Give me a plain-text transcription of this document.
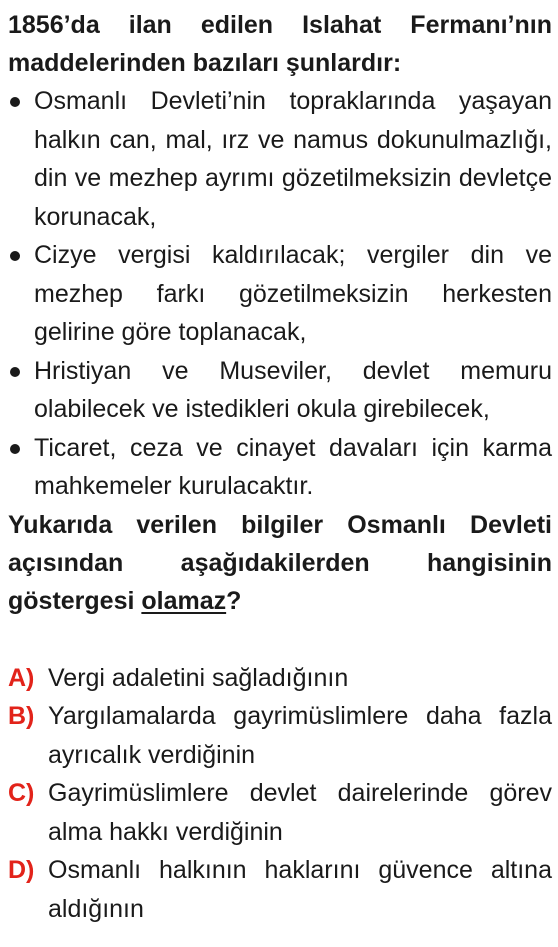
1856’da ilan edilen Islahat Fermanı’nın maddelerinden bazıları şunlardır:

Osmanlı Devleti’nin topraklarında yaşayan halkın can, mal, ırz ve namus dokunulmazlığı, din ve mezhep ayrımı gözetilmeksizin devletçe korunacak,
Cizye vergisi kaldırılacak; vergiler din ve mezhep farkı gözetilmeksizin herkesten gelirine göre toplanacak,
Hristiyan ve Museviler, devlet memuru olabilecek ve istedikleri okula girebilecek,
Ticaret, ceza ve cinayet davaları için karma mahkemeler kurulacaktır.

Yukarıda verilen bilgiler Osmanlı Devleti açısından aşağıdakilerden hangisinin göstergesi olamaz?

A) Vergi adaletini sağladığının
B) Yargılamalarda gayrimüslimlere daha fazla ayrıcalık verdiğinin
C) Gayrimüslimlere devlet dairelerinde görev alma hakkı verdiğinin
D) Osmanlı halkının haklarını güvence altına aldığının
